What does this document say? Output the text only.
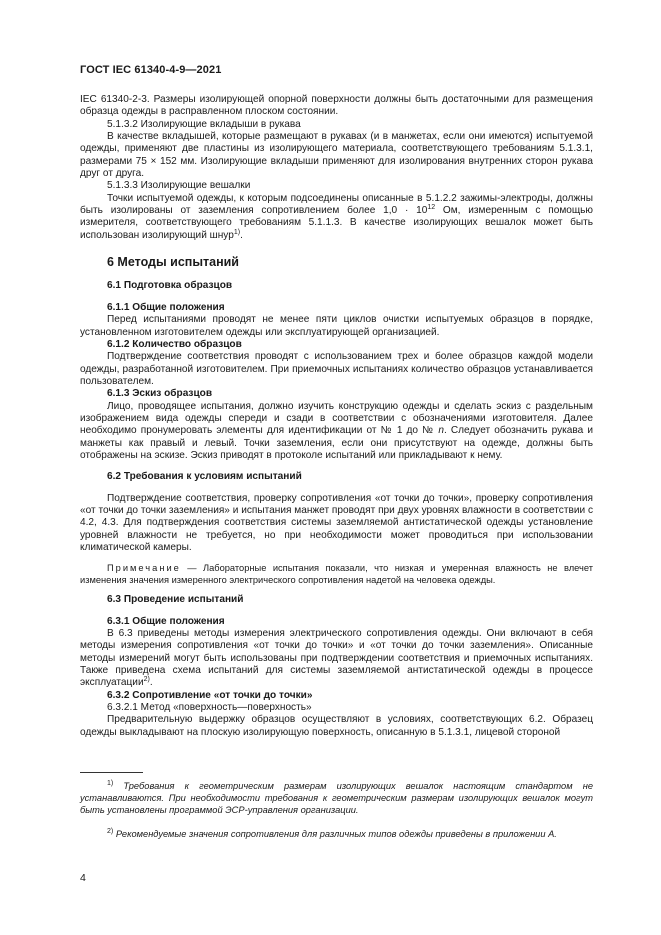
ГОСТ IEC 61340-4-9—2021

IEC 61340-2-3. Размеры изолирующей опорной поверхности должны быть достаточными для размещения образца одежды в расправленном плоском состоянии.

5.1.3.2 Изолирующие вкладыши в рукава

В качестве вкладышей, которые размещают в рукавах (и в манжетах, если они имеются) испытуемой одежды, применяют две пластины из изолирующего материала, соответствующего требованиям 5.1.3.1, размерами 75 × 152 мм. Изолирующие вкладыши применяют для изолирования внутренних сторон рукава друг от друга.

5.1.3.3 Изолирующие вешалки

Точки испытуемой одежды, к которым подсоединены описанные в 5.1.2.2 зажимы-электроды, должны быть изолированы от заземления сопротивлением более $1,0 \cdot 10^{12}$ Ом, измеренным с помощью измерителя, соответствующего требованиям 5.1.1.3. В качестве изолирующих вешалок может быть использован изолирующий шнур$^{1)}$.

6 Методы испытаний

6.1 Подготовка образцов

6.1.1 Общие положения

Перед испытаниями проводят не менее пяти циклов очистки испытуемых образцов в порядке, установленном изготовителем одежды или эксплуатирующей организацией.

6.1.2 Количество образцов

Подтверждение соответствия проводят с использованием трех и более образцов каждой модели одежды, разработанной изготовителем. При приемочных испытаниях количество образцов устанавливается пользователем.

6.1.3 Эскиз образцов

Лицо, проводящее испытания, должно изучить конструкцию одежды и сделать эскиз с раздельным изображением вида одежды спереди и сзади в соответствии с обозначениями изготовителя. Далее необходимо пронумеровать элементы для идентификации от № 1 до № n. Следует обозначить рукава и манжеты как правый и левый. Точки заземления, если они присутствуют на одежде, должны быть отображены на эскизе. Эскиз приводят в протоколе испытаний или прикладывают к нему.

6.2 Требования к условиям испытаний

Подтверждение соответствия, проверку сопротивления «от точки до точки», проверку сопротивления «от точки до точки заземления» и испытания манжет проводят при двух уровнях влажности в соответствии с 4.2, 4.3. Для подтверждения соответствия системы заземляемой антистатической одежды установление уровней влажности не требуется, но при необходимости может проводиться при использовании климатической камеры.

Примечание — Лабораторные испытания показали, что низкая и умеренная влажность не влечет изменения значения измеренного электрического сопротивления надетой на человека одежды.

6.3 Проведение испытаний

6.3.1 Общие положения

В 6.3 приведены методы измерения электрического сопротивления одежды. Они включают в себя методы измерения сопротивления «от точки до точки» и «от точки до точки заземления». Описанные методы измерений могут быть использованы при подтверждении соответствия и приемочных испытаниях. Также приведена схема испытаний для системы заземляемой антистатической одежды в процессе эксплуатации$^{2)}$.

6.3.2 Сопротивление «от точки до точки»

6.3.2.1 Метод «поверхность—поверхность»

Предварительную выдержку образцов осуществляют в условиях, соответствующих 6.2. Образец одежды выкладывают на плоскую изолирующую поверхность, описанную в 5.1.3.1, лицевой стороной

$^{1)}$ Требования к геометрическим размерам изолирующих вешалок настоящим стандартом не устанавливаются. При необходимости требования к геометрическим размерам изолирующих вешалок могут быть установлены программой ЭСР-управления организации.
$^{2)}$ Рекомендуемые значения сопротивления для различных типов одежды приведены в приложении А.
4
